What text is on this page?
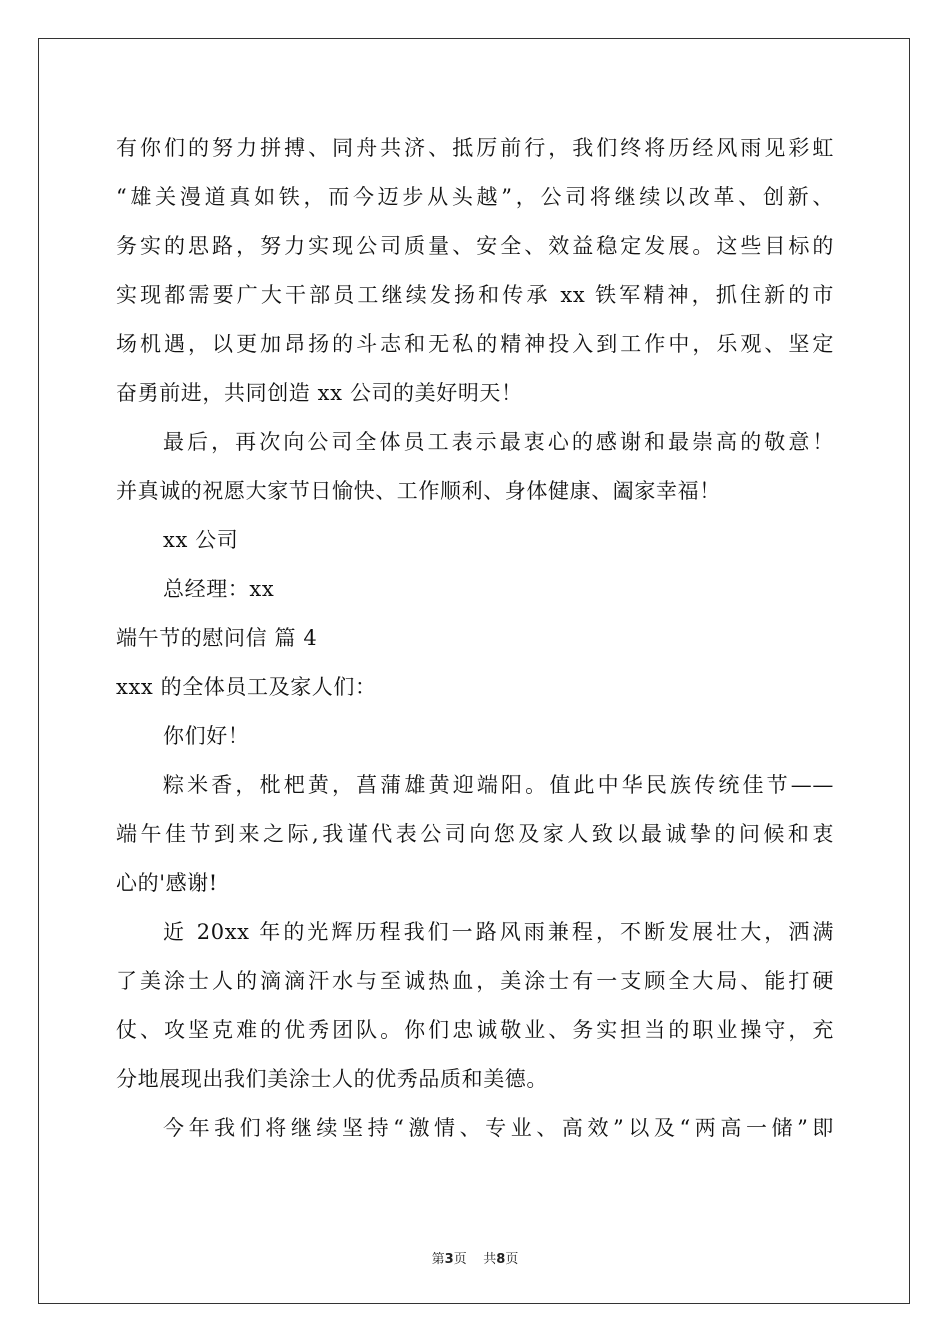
有你们的努力拼搏、同舟共济、抵厉前行，我们终将历经风雨见彩虹
“雄关漫道真如铁，而今迈步从头越”，公司将继续以改革、创新、
务实的思路，努力实现公司质量、安全、效益稳定发展。这些目标的
实现都需要广大干部员工继续发扬和传承 xx 铁军精神，抓住新的市
场机遇，以更加昂扬的斗志和无私的精神投入到工作中，乐观、坚定
奋勇前进，共同创造 xx 公司的美好明天！
最后，再次向公司全体员工表示最衷心的感谢和最崇高的敬意！
并真诚的祝愿大家节日愉快、工作顺利、身体健康、阖家幸福！
xx 公司
总经理：xx
端午节的慰问信 篇 4
xxx 的全体员工及家人们：
你们好！
粽米香，枇杷黄，菖蒲雄黄迎端阳。值此中华民族传统佳节——
端午佳节到来之际,我谨代表公司向您及家人致以最诚挚的问候和衷
心的'感谢!
近 20xx 年的光辉历程我们一路风雨兼程，不断发展壮大，洒满
了美涂士人的滴滴汗水与至诚热血，美涂士有一支顾全大局、能打硬
仗、攻坚克难的优秀团队。你们忠诚敬业、务实担当的职业操守，充
分地展现出我们美涂士人的优秀品质和美德。
今年我们将继续坚持“激情、专业、高效”以及“两高一储”即
第3页 共8页
